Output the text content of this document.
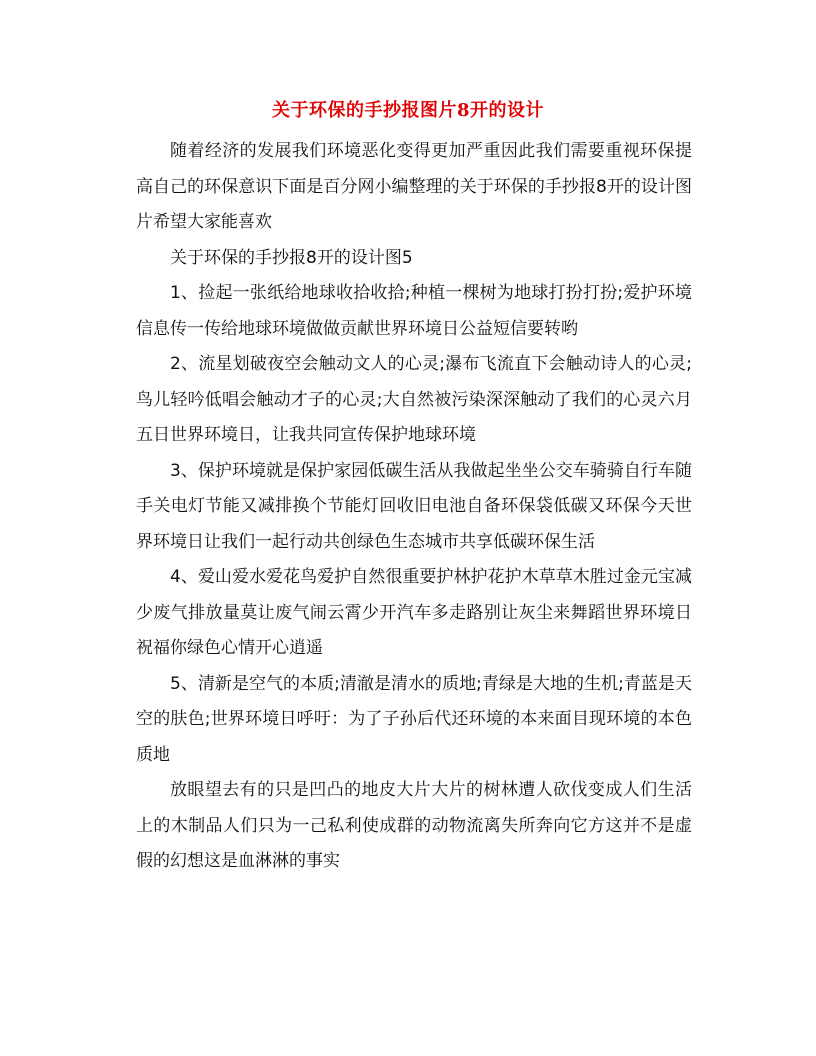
关于环保的手抄报图片8开的设计

随着经济的发展我们环境恶化变得更加严重因此我们需要重视环保提高自己的环保意识下面是百分网小编整理的关于环保的手抄报8开的设计图片希望大家能喜欢

关于环保的手抄报8开的设计图5

1、捡起一张纸给地球收拾收拾;种植一棵树为地球打扮打扮;爱护环境信息传一传给地球环境做做贡献世界环境日公益短信要转哟

2、流星划破夜空会触动文人的心灵;瀑布飞流直下会触动诗人的心灵;鸟儿轻吟低唱会触动才子的心灵;大自然被污染深深触动了我们的心灵六月五日世界环境日，让我共同宣传保护地球环境

3、保护环境就是保护家园低碳生活从我做起坐坐公交车骑骑自行车随手关电灯节能又减排换个节能灯回收旧电池自备环保袋低碳又环保今天世界环境日让我们一起行动共创绿色生态城市共享低碳环保生活

4、爱山爱水爱花鸟爱护自然很重要护林护花护木草草木胜过金元宝减少废气排放量莫让废气闹云霄少开汽车多走路别让灰尘来舞蹈世界环境日祝福你绿色心情开心逍遥

5、清新是空气的本质;清澈是清水的质地;青绿是大地的生机;青蓝是天空的肤色;世界环境日呼吁：为了子孙后代还环境的本来面目现环境的本色质地

放眼望去有的只是凹凸的地皮大片大片的树林遭人砍伐变成人们生活上的木制品人们只为一己私利使成群的动物流离失所奔向它方这并不是虚假的幻想这是血淋淋的事实
